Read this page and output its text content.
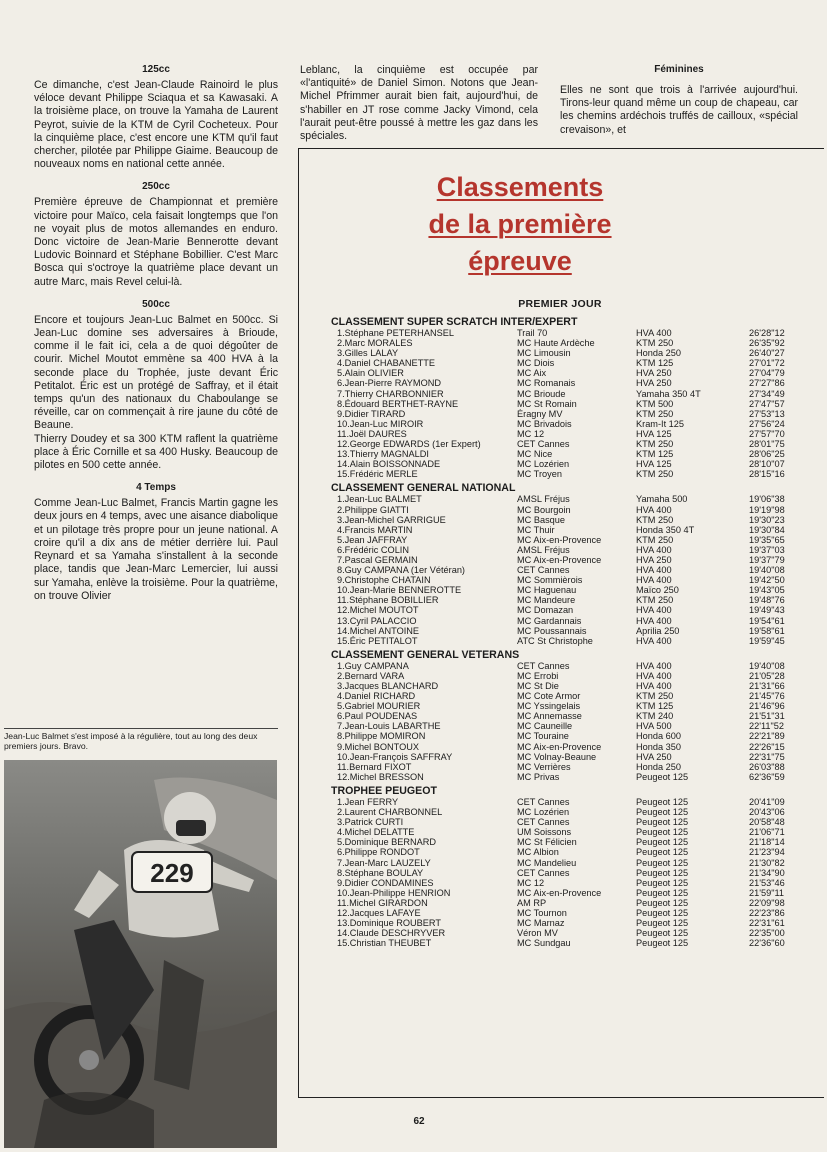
125cc

Ce dimanche, c'est Jean-Claude Rainoird le plus véloce devant Philippe Sciaqua et sa Kawasaki. A la troisième place, on trouve la Yamaha de Laurent Peyrot, suivie de la KTM de Cyril Cocheteux. Pour la cinquième place, c'est encore une KTM qu'il faut chercher, pilotée par Philippe Giaime. Beaucoup de nouveaux noms en national cette année.

250cc

Première épreuve de Championnat et première victoire pour Maïco, cela faisait longtemps que l'on ne voyait plus de motos allemandes en enduro. Donc victoire de Jean-Marie Bennerotte devant Ludovic Boinnard et Stéphane Bobillier. C'est Marc Bosca qui s'octroye la quatrième place devant un autre Marc, mais Revel celui-là.

500cc

Encore et toujours Jean-Luc Balmet en 500cc. Si Jean-Luc domine ses adversaires à Brioude, comme il le fait ici, cela a de quoi dégoûter de courir. Michel Moutot emmène sa 400 HVA à la seconde place du Trophée, juste devant Éric Petitalot. Éric est un protégé de Saffray, et il était temps qu'un des nationaux du Chaboulange se réveille, car on commençait à rire jaune du côté de Beaune.

Thierry Doudey et sa 300 KTM raflent la quatrième place à Éric Cornille et sa 400 Husky. Beaucoup de pilotes en 500 cette année.

4 Temps

Comme Jean-Luc Balmet, Francis Martin gagne les deux jours en 4 temps, avec une aisance diabolique et un pilotage très propre pour un jeune national. A croire qu'il a dix ans de métier derrière lui. Paul Reynard et sa Yamaha s'installent à la seconde place, tandis que Jean-Marc Lemercier, lui aussi sur Yamaha, enlève la troisième. Pour la quatrième, on trouve Olivier

Jean-Luc Balmet s'est imposé à la régulière, tout au long des deux premiers jours. Bravo.
229

Leblanc, la cinquième est occupée par «l'antiquité» de Daniel Simon. Notons que Jean-Michel Pfrimmer aurait bien fait, aujourd'hui, de s'habiller en JT rose comme Jacky Vimond, cela l'aurait peut-être poussé à mettre les gaz dans les spéciales.

Féminines

Elles ne sont que trois à l'arrivée aujourd'hui. Tirons-leur quand même un coup de chapeau, car les chemins ardéchois truffés de cailloux, «spécial crevaison», et

Classements
de la première
épreuve
PREMIER JOUR
CLASSEMENT SUPER SCRATCH INTER/EXPERT
1.Stéphane PETERHANSEL	Trail 70	HVA 400	26'28"12
2.Marc MORALES	MC Haute Ardèche	KTM 250	26'35"92
3.Gilles LALAY	MC Limousin	Honda 250	26'40"27
4.Daniel CHABANETTE	MC Diois	KTM 125	27'01"72
5.Alain OLIVIER	MC Aix	HVA 250	27'04"79
6.Jean-Pierre RAYMOND	MC Romanais	HVA 250	27'27"86
7.Thierry CHARBONNIER	MC Brioude	Yamaha 350 4T	27'34"49
8.Édouard BERTHET-RAYNE	MC St Romain	KTM 500	27'47"57
9.Didier TIRARD	Ėragny MV	KTM 250	27'53"13
10.Jean-Luc MIROIR	MC Brivadois	Kram-It 125	27'56"24
11.Joël DAURES	MC 12	HVA 125	27'57"70
12.George EDWARDS (1er Expert)	CET Cannes	KTM 250	28'01"75
13.Thierry MAGNALDI	MC Nice	KTM 125	28'06"25
14.Alain BOISSONNADE	MC Lozérien	HVA 125	28'10"07
15.Frédéric MERLE	MC Troyen	KTM 250	28'15"16
CLASSEMENT GENERAL NATIONAL
1.Jean-Luc BALMET	AMSL Fréjus	Yamaha 500	19'06"38
2.Philippe GIATTI	MC Bourgoin	HVA 400	19'19"98
3.Jean-Michel GARRIGUE	MC Basque	KTM 250	19'30"23
4.Francis MARTIN	MC Thuir	Honda 350 4T	19'30"84
5.Jean JAFFRAY	MC Aix-en-Provence	KTM 250	19'35"65
6.Frédéric COLIN	AMSL Fréjus	HVA 400	19'37"03
7.Pascal GERMAIN	MC Aix-en-Provence	HVA 250	19'37"79
8.Guy CAMPANA (1er Vétéran)	CET Cannes	HVA 400	19'40"08
9.Christophe CHATAIN	MC Sommièrois	HVA 400	19'42"50
10.Jean-Marie BENNEROTTE	MC Haguenau	Maïco 250	19'43"05
11.Stéphane BOBILLIER	MC Mandeure	KTM 250	19'48"76
12.Michel MOUTOT	MC Domazan	HVA 400	19'49"43
13.Cyril PALACCIO	MC Gardannais	HVA 400	19'54"61
14.Michel ANTOINE	MC Poussannais	Aprilia 250	19'58"61
15.Éric PETITALOT	ATC St Christophe	HVA 400	19'59"45
CLASSEMENT GENERAL VETERANS
1.Guy CAMPANA	CET Cannes	HVA 400	19'40"08
2.Bernard VARA	MC Errobi	HVA 400	21'05"28
3.Jacques BLANCHARD	MC St Die	HVA 400	21'31"66
4.Daniel RICHARD	MC Cote Armor	KTM 250	21'45"76
5.Gabriel MOURIER	MC Yssingelais	KTM 125	21'46"96
6.Paul POUDENAS	MC Annemasse	KTM 240	21'51"31
7.Jean-Louis LABARTHE	MC Cauneille	HVA 500	22'11"52
8.Philippe MOMIRON	MC Touraine	Honda 600	22'21"89
9.Michel BONTOUX	MC Aix-en-Provence	Honda 350	22'26"15
10.Jean-François SAFFRAY	MC Volnay-Beaune	HVA 250	22'31"75
11.Bernard FIXOT	MC Verrières	Honda 250	26'03"88
12.Michel BRESSON	MC Privas	Peugeot 125	62'36"59
TROPHEE PEUGEOT
1.Jean FERRY	CET Cannes	Peugeot 125	20'41"09
2.Laurent CHARBONNEL	MC Lozérien	Peugeot 125	20'43"06
3.Patrick CURTI	CET Cannes	Peugeot 125	20'58"48
4.Michel DELATTE	UM Soissons	Peugeot 125	21'06"71
5.Dominique BERNARD	MC St Félicien	Peugeot 125	21'18"14
6.Philippe RONDOT	MC Albion	Peugeot 125	21'23"94
7.Jean-Marc LAUZELY	MC Mandelieu	Peugeot 125	21'30"82
8.Stéphane BOULAY	CET Cannes	Peugeot 125	21'34"90
9.Didier CONDAMINES	MC 12	Peugeot 125	21'53"46
10.Jean-Philippe HENRION	MC Aix-en-Provence	Peugeot 125	21'59"11
11.Michel GIRARDON	AM RP	Peugeot 125	22'09"98
12.Jacques LAFAYE	MC Tournon	Peugeot 125	22'23"86
13.Dominique ROUBERT	MC Marnaz	Peugeot 125	22'31"61
14.Claude DESCHRYVER	Véron MV	Peugeot 125	22'35"00
15.Christian THEUBET	MC Sundgau	Peugeot 125	22'36"60
62
